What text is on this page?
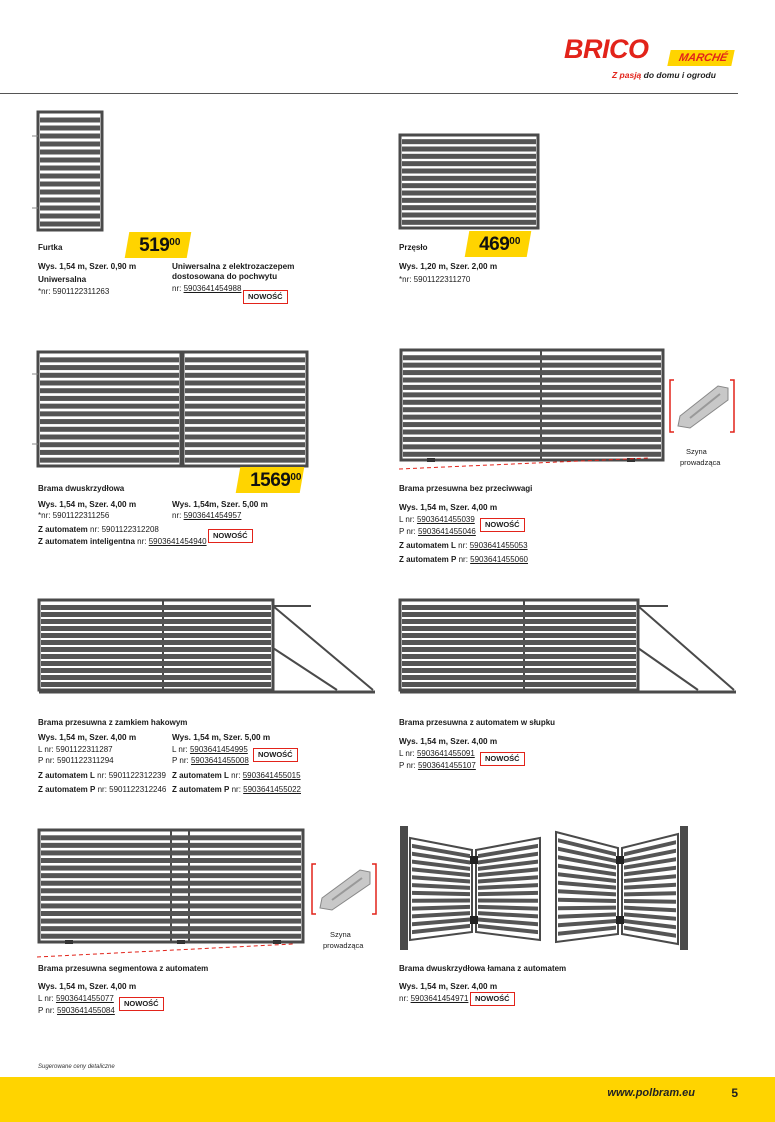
BRICO	MARCHÉ
Z pasją do domu i ogrodu
Furtka	519 00
Wys. 1,54 m, Szer. 0,90 m
Uniwersalna
*nr: 5901122311263
Uniwersalna z elektrozaczepem
dostosowana do pochwytu
nr: 5903641454988
NOWOŚĆ
Przęsło	469 00
Wys. 1,20 m, Szer. 2,00 m
*nr: 5901122311270
1569 00
Brama dwuskrzydłowa
Wys. 1,54 m, Szer. 4,00 m
*nr: 5901122311256
Wys. 1,54m, Szer. 5,00 m
nr: 5903641454957
Z automatem nr: 5901122312208
Z automatem inteligentna nr: 5903641454940
NOWOŚĆ
Szyna
prowadząca
Brama przesuwna bez przeciwwagi
Wys. 1,54 m, Szer. 4,00 m
L nr: 5903641455039
P nr: 5903641455046
NOWOŚĆ
Z automatem L nr: 5903641455053
Z automatem P nr: 5903641455060
Brama przesuwna z zamkiem hakowym
Wys. 1,54 m, Szer. 4,00 m
L nr: 5901122311287
P nr: 5901122311294
Z automatem L nr: 5901122312239
Z automatem P nr: 5901122312246
Wys. 1,54 m, Szer. 5,00 m
L nr: 5903641454995
P nr: 5903641455008
NOWOŚĆ
Z automatem L nr: 5903641455015
Z automatem P nr: 5903641455022
Brama przesuwna z automatem w słupku
Wys. 1,54 m, Szer. 4,00 m
L nr: 5903641455091
P nr: 5903641455107
NOWOŚĆ
Szyna
prowadząca
Brama przesuwna segmentowa z automatem
Wys. 1,54 m, Szer. 4,00 m
L nr: 5903641455077
P nr: 5903641455084
NOWOŚĆ
Brama dwuskrzydłowa łamana z automatem
Wys. 1,54 m, Szer. 4,00 m
nr: 5903641454971 NOWOŚĆ
Sugerowane ceny detaliczne
www.polbram.eu	5
